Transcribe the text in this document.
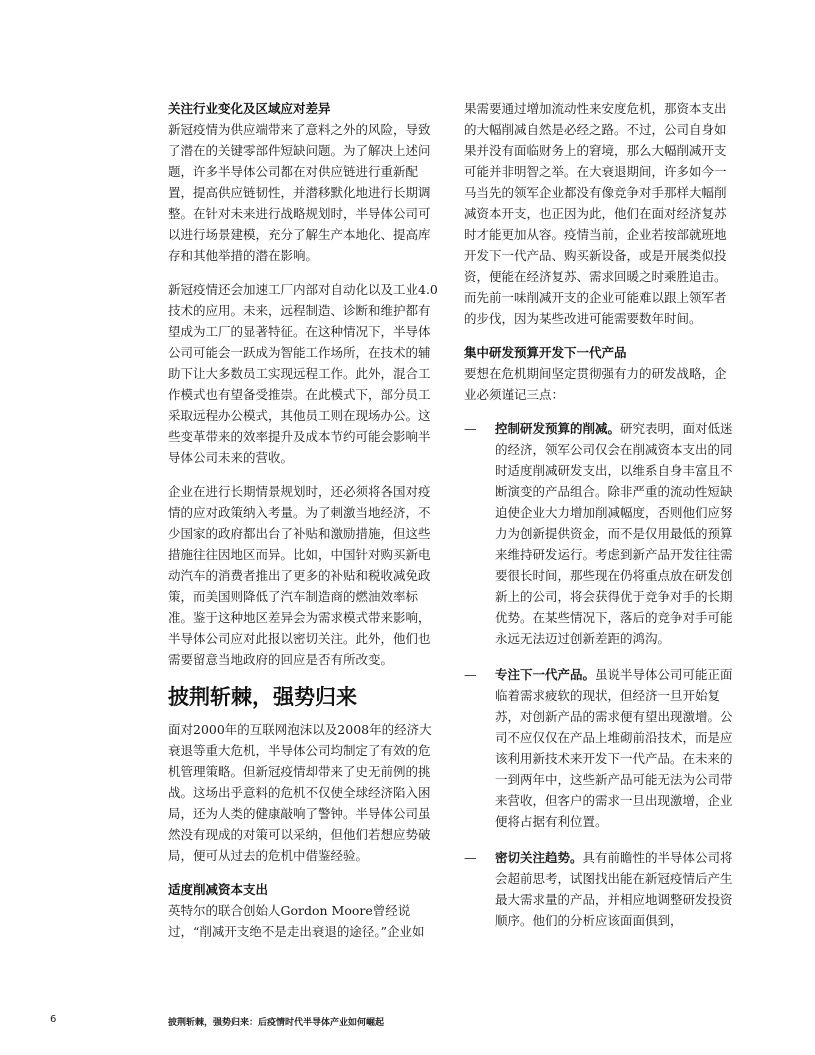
关注行业变化及区域应对差异

新冠疫情为供应端带来了意料之外的风险，导致了潜在的关键零部件短缺问题。为了解决上述问题，许多半导体公司都在对供应链进行重新配置，提高供应链韧性，并潜移默化地进行长期调整。在针对未来进行战略规划时，半导体公司可以进行场景建模，充分了解生产本地化、提高库存和其他举措的潜在影响。

新冠疫情还会加速工厂内部对自动化以及工业4.0技术的应用。未来，远程制造、诊断和维护都有望成为工厂的显著特征。在这种情况下，半导体公司可能会一跃成为智能工作场所，在技术的辅助下让大多数员工实现远程工作。此外，混合工作模式也有望备受推崇。在此模式下，部分员工采取远程办公模式，其他员工则在现场办公。这些变革带来的效率提升及成本节约可能会影响半导体公司未来的营收。

企业在进行长期情景规划时，还必须将各国对疫情的应对政策纳入考量。为了刺激当地经济，不少国家的政府都出台了补贴和激励措施，但这些措施往往因地区而异。比如，中国针对购买新电动汽车的消费者推出了更多的补贴和税收减免政策，而美国则降低了汽车制造商的燃油效率标准。鉴于这种地区差异会为需求模式带来影响，半导体公司应对此报以密切关注。此外，他们也需要留意当地政府的回应是否有所改变。

披荆斩棘，强势归来

面对2000年的互联网泡沫以及2008年的经济大衰退等重大危机，半导体公司均制定了有效的危机管理策略。但新冠疫情却带来了史无前例的挑战。这场出乎意料的危机不仅使全球经济陷入困局，还为人类的健康敲响了警钟。半导体公司虽然没有现成的对策可以采纳，但他们若想应势破局，便可从过去的危机中借鉴经验。

适度削减资本支出

英特尔的联合创始人Gordon Moore曾经说过，“削减开支绝不是走出衰退的途径。”企业如

果需要通过增加流动性来安度危机，那资本支出的大幅削减自然是必经之路。不过，公司自身如果并没有面临财务上的窘境，那么大幅削减开支可能并非明智之举。在大衰退期间，许多如今一马当先的领军企业都没有像竞争对手那样大幅削减资本开支，也正因为此，他们在面对经济复苏时才能更加从容。疫情当前，企业若按部就班地开发下一代产品、购买新设备，或是开展类似投资，便能在经济复苏、需求回暖之时乘胜追击。而先前一味削减开支的企业可能难以跟上领军者的步伐，因为某些改进可能需要数年时间。

集中研发预算开发下一代产品

要想在危机期间坚定贯彻强有力的研发战略，企业必须谨记三点：

— 控制研发预算的削减。研究表明，面对低迷的经济，领军公司仅会在削减资本支出的同时适度削减研发支出，以维系自身丰富且不断演变的产品组合。除非严重的流动性短缺迫使企业大力增加削减幅度，否则他们应努力为创新提供资金，而不是仅用最低的预算来维持研发运行。考虑到新产品开发往往需要很长时间，那些现在仍将重点放在研发创新上的公司，将会获得优于竞争对手的长期优势。在某些情况下，落后的竞争对手可能永远无法迈过创新差距的鸿沟。
— 专注下一代产品。虽说半导体公司可能正面临着需求疲软的现状，但经济一旦开始复苏，对创新产品的需求便有望出现激增。公司不应仅仅在产品上堆砌前沿技术，而是应该利用新技术来开发下一代产品。在未来的一到两年中，这些新产品可能无法为公司带来营收，但客户的需求一旦出现激增，企业便将占据有利位置。
— 密切关注趋势。具有前瞻性的半导体公司将会超前思考，试图找出能在新冠疫情后产生最大需求量的产品，并相应地调整研发投资顺序。他们的分析应该面面俱到，
6	披荆斩棘，强势归来：后疫情时代半导体产业如何崛起
